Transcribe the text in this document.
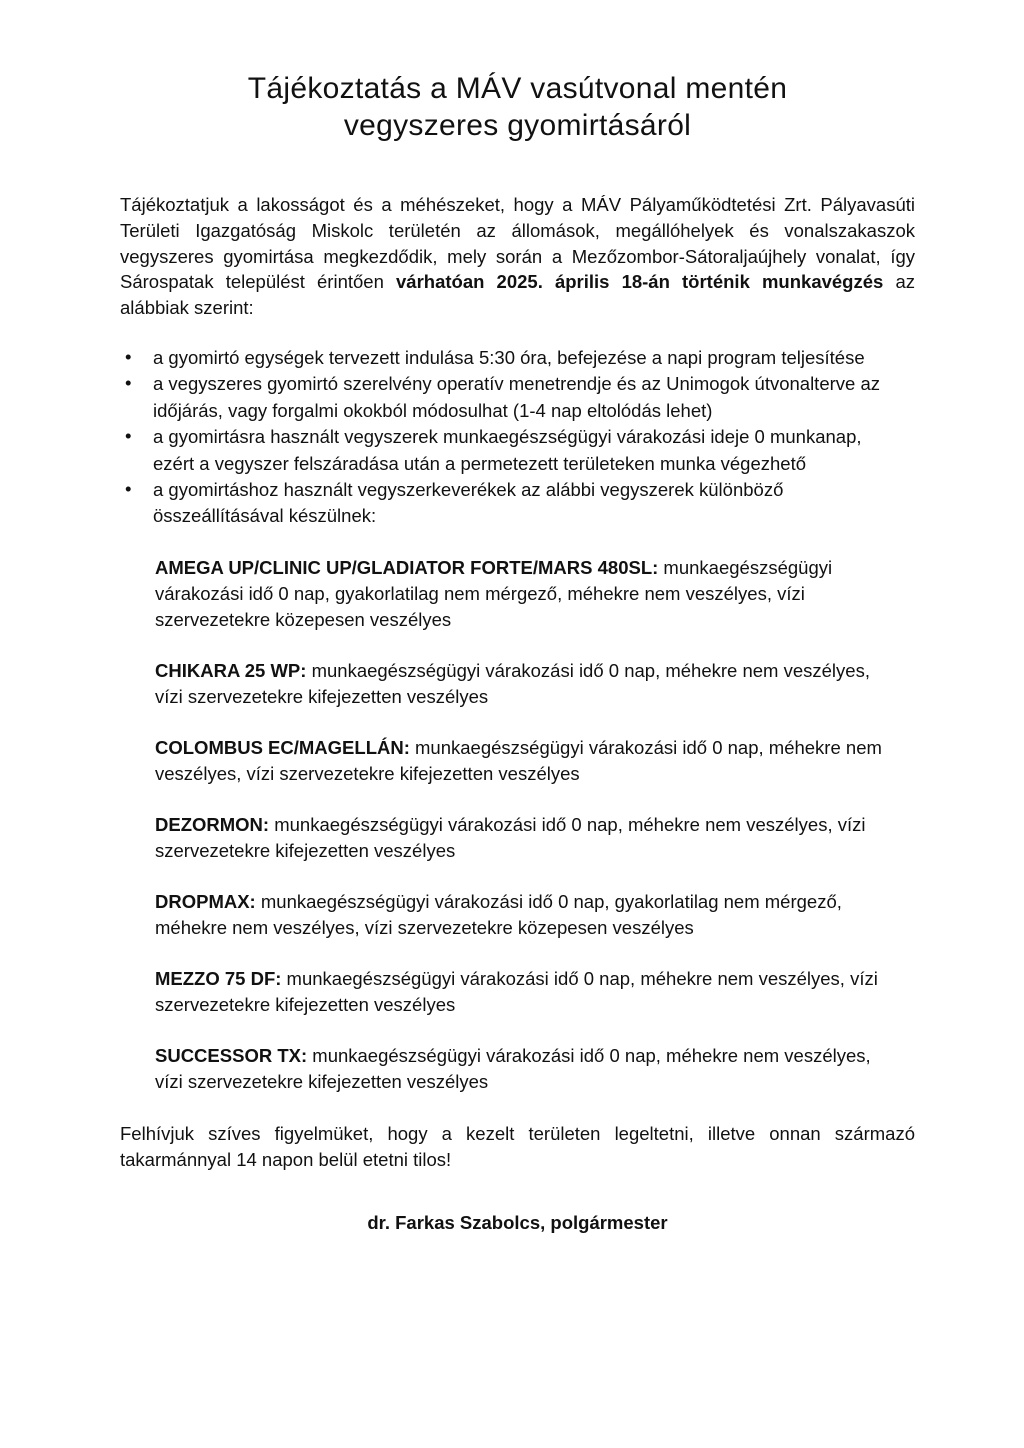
Tájékoztatás a MÁV vasútvonal mentén
vegyszeres gyomirtásáról

Tájékoztatjuk a lakosságot és a méhészeket, hogy a MÁV Pályaműködtetési Zrt. Pályavasúti Területi Igazgatóság Miskolc területén az állomások, megállóhelyek és vonalszakaszok vegyszeres gyomirtása megkezdődik, mely során a Mezőzombor-Sátoraljaújhely vonalat, így Sárospatak települést érintően várhatóan 2025. április 18-án történik munkavégzés az alábbiak szerint:

• a gyomirtó egységek tervezett indulása 5:30 óra, befejezése a napi program teljesítése
• a vegyszeres gyomirtó szerelvény operatív menetrendje és az Unimogok útvonalterve az időjárás, vagy forgalmi okokból módosulhat (1-4 nap eltolódás lehet)
• a gyomirtásra használt vegyszerek munkaegészségügyi várakozási ideje 0 munkanap, ezért a vegyszer felszáradása után a permetezett területeken munka végezhető
• a gyomirtáshoz használt vegyszerkeverékek az alábbi vegyszerek különböző összeállításával készülnek:

AMEGA UP/CLINIC UP/GLADIATOR FORTE/MARS 480SL: munkaegészségügyi várakozási idő 0 nap, gyakorlatilag nem mérgező, méhekre nem veszélyes, vízi szervezetekre közepesen veszélyes

CHIKARA 25 WP: munkaegészségügyi várakozási idő 0 nap, méhekre nem veszélyes, vízi szervezetekre kifejezetten veszélyes

COLOMBUS EC/MAGELLÁN: munkaegészségügyi várakozási idő 0 nap, méhekre nem veszélyes, vízi szervezetekre kifejezetten veszélyes

DEZORMON: munkaegészségügyi várakozási idő 0 nap, méhekre nem veszélyes, vízi szervezetekre kifejezetten veszélyes

DROPMAX: munkaegészségügyi várakozási idő 0 nap, gyakorlatilag nem mérgező, méhekre nem veszélyes, vízi szervezetekre közepesen veszélyes

MEZZO 75 DF: munkaegészségügyi várakozási idő 0 nap, méhekre nem veszélyes, vízi szervezetekre kifejezetten veszélyes

SUCCESSOR TX: munkaegészségügyi várakozási idő 0 nap, méhekre nem veszélyes, vízi szervezetekre kifejezetten veszélyes

Felhívjuk szíves figyelmüket, hogy a kezelt területen legeltetni, illetve onnan származó takarmánnyal 14 napon belül etetni tilos!

dr. Farkas Szabolcs, polgármester
